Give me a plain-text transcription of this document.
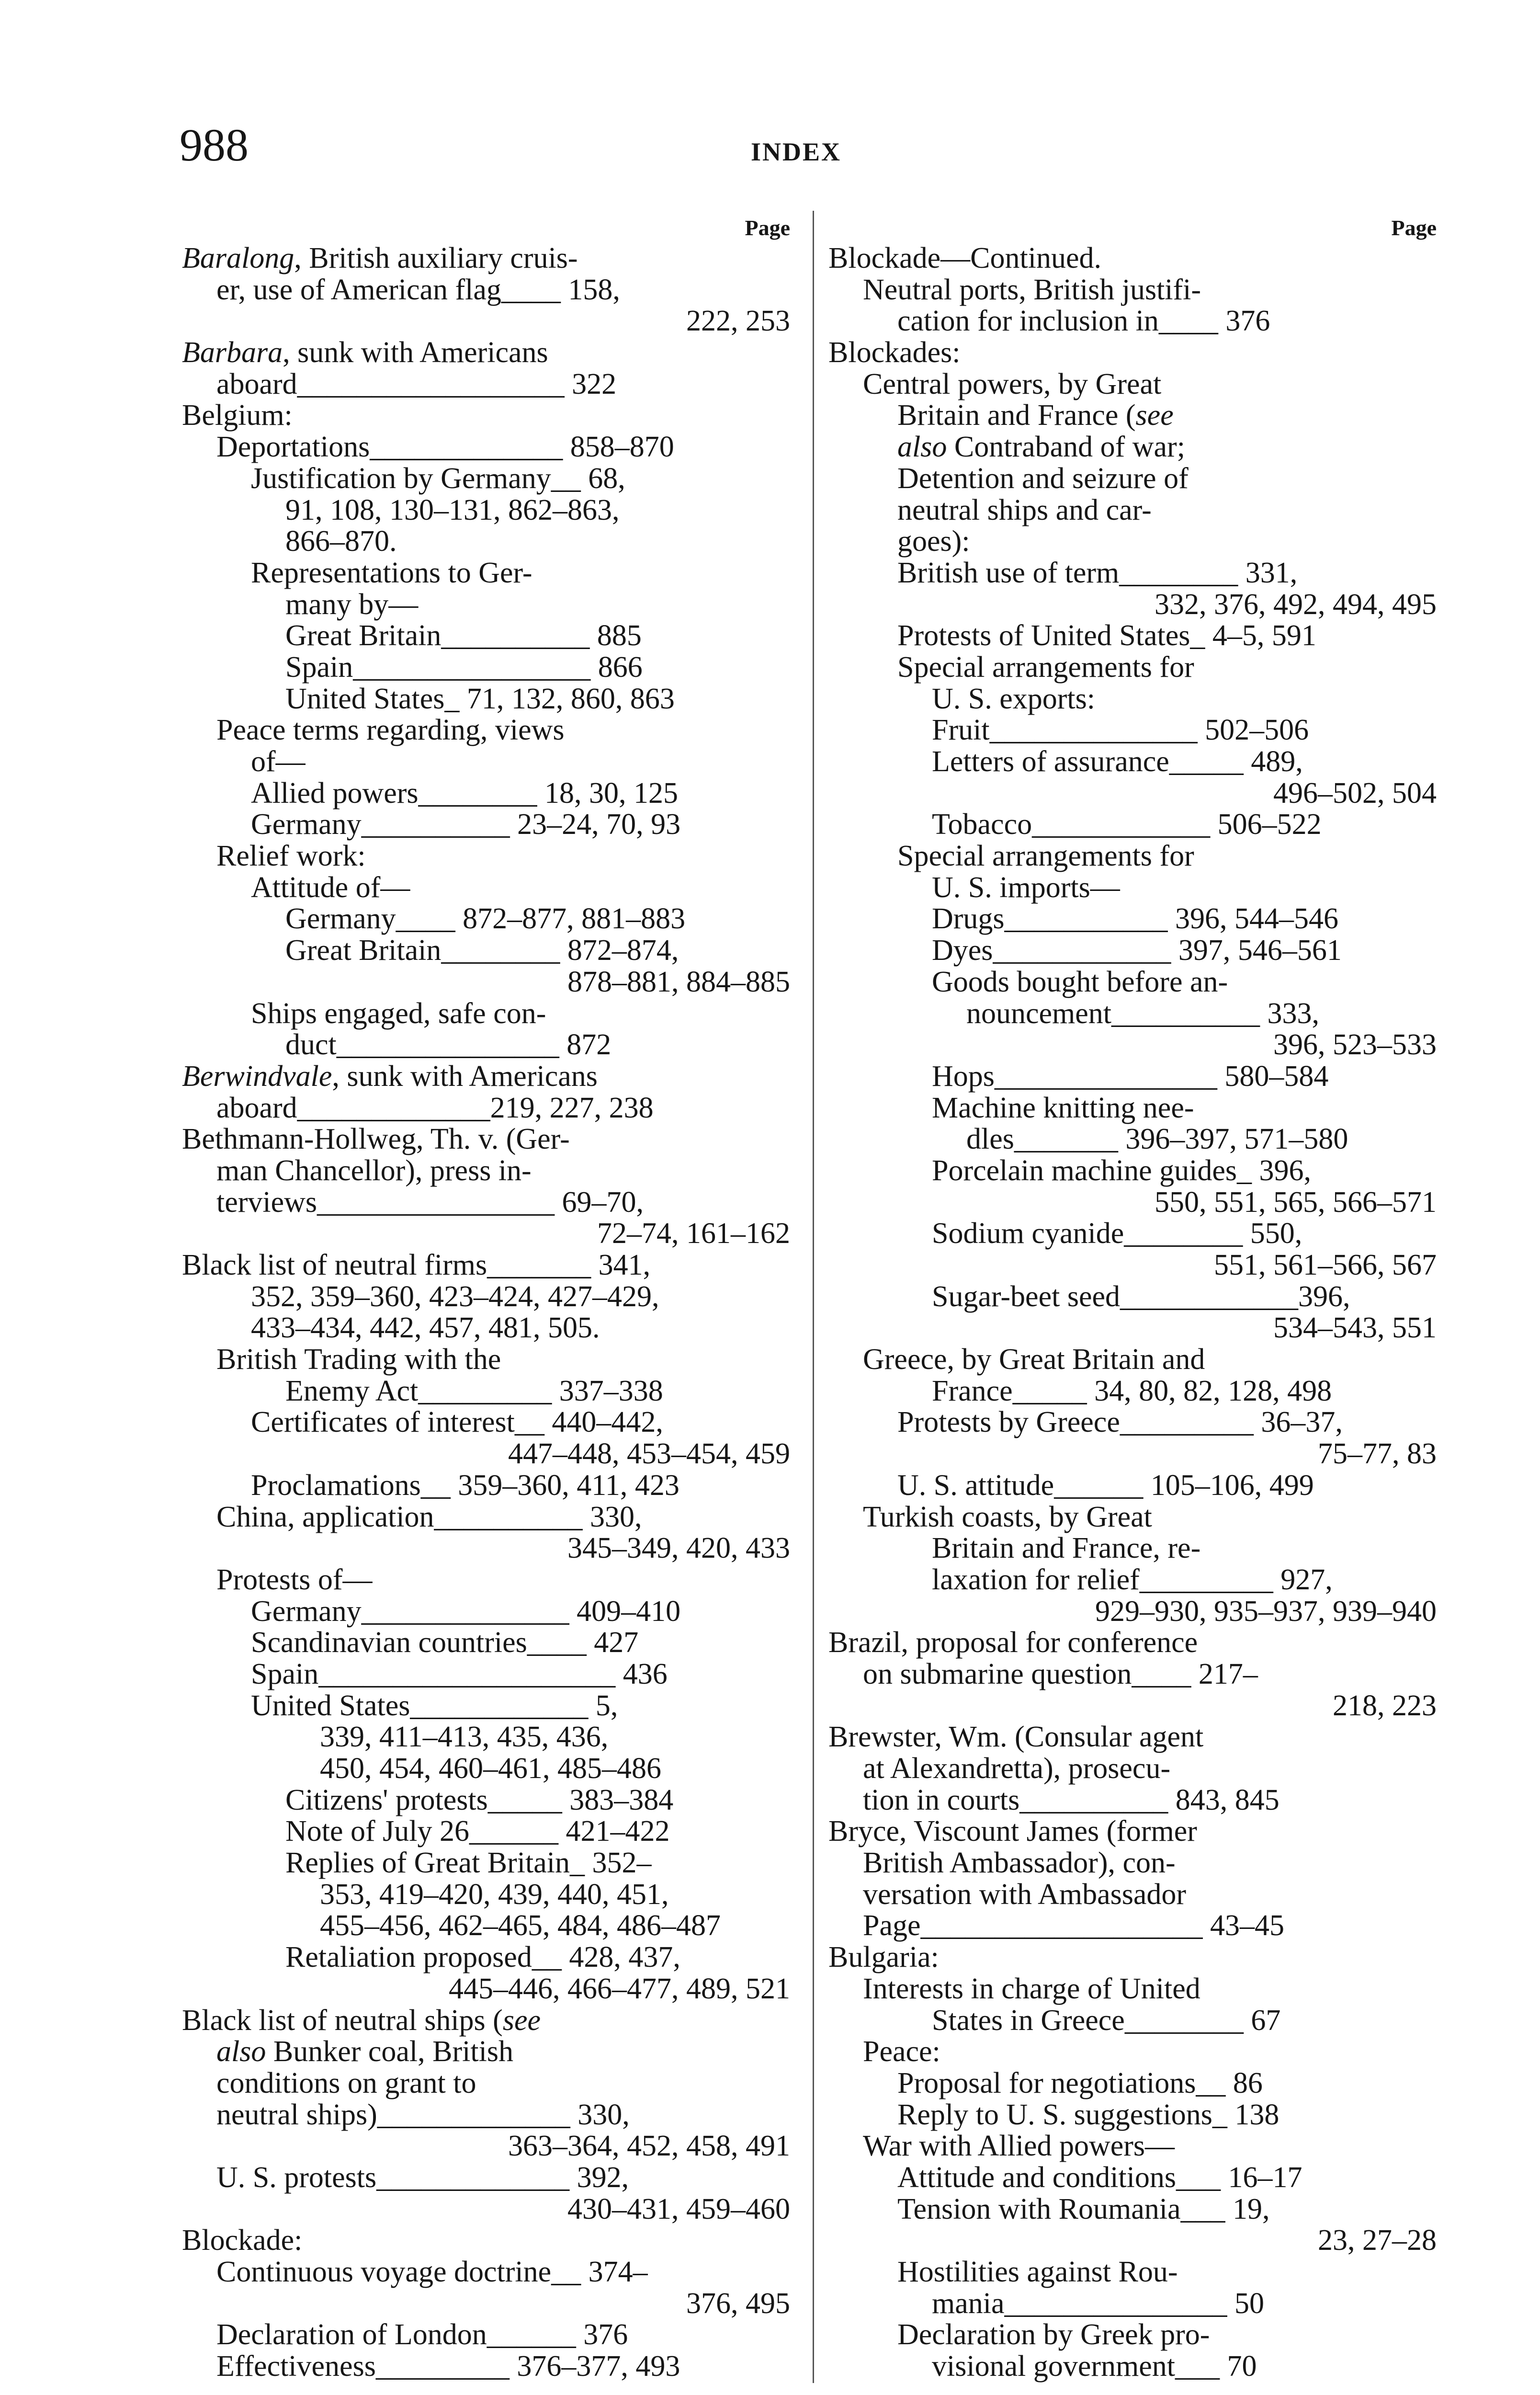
988	INDEX
Page
Baralong, British auxiliary cruis-
er, use of American flag____ 158,
222, 253
Barbara, sunk with Americans
aboard__________________ 322
Belgium:
Deportations_____________ 858–870
Justification by Germany__ 68,
91, 108, 130–131, 862–863,
866–870.
Representations to Ger-
many by—
Great Britain__________ 885
Spain________________ 866
United States_ 71, 132, 860, 863
Peace terms regarding, views
of—
Allied powers________ 18, 30, 125
Germany__________ 23–24, 70, 93
Relief work:
Attitude of—
Germany____ 872–877, 881–883
Great Britain________ 872–874,
878–881, 884–885
Ships engaged, safe con-
duct_______________ 872
Berwindvale, sunk with Americans
aboard_____________219, 227, 238
Bethmann-Hollweg, Th. v. (Ger-
man Chancellor), press in-
terviews________________ 69–70,
72–74, 161–162
Black list of neutral firms_______ 341,
352, 359–360, 423–424, 427–429,
433–434, 442, 457, 481, 505.
British Trading with the
Enemy Act_________ 337–338
Certificates of interest__ 440–442,
447–448, 453–454, 459
Proclamations__ 359–360, 411, 423
China, application__________ 330,
345–349, 420, 433
Protests of—
Germany______________ 409–410
Scandinavian countries____ 427
Spain____________________ 436
United States____________ 5,
339, 411–413, 435, 436,
450, 454, 460–461, 485–486
Citizens' protests_____ 383–384
Note of July 26______ 421–422
Replies of Great Britain_ 352–
353, 419–420, 439, 440, 451,
455–456, 462–465, 484, 486–487
Retaliation proposed__ 428, 437,
445–446, 466–477, 489, 521
Black list of neutral ships (see
also Bunker coal, British
conditions on grant to
neutral ships)_____________ 330,
363–364, 452, 458, 491
U. S. protests_____________ 392,
430–431, 459–460
Blockade:
Continuous voyage doctrine__ 374–
376, 495
Declaration of London______ 376
Effectiveness_________ 376–377, 493
Page
Blockade—Continued.
Neutral ports, British justifi-
cation for inclusion in____ 376
Blockades:
Central powers, by Great
Britain and France (see
also Contraband of war;
Detention and seizure of
neutral ships and car-
goes):
British use of term________ 331,
332, 376, 492, 494, 495
Protests of United States_ 4–5, 591
Special arrangements for
U. S. exports:
Fruit______________ 502–506
Letters of assurance_____ 489,
496–502, 504
Tobacco____________ 506–522
Special arrangements for
U. S. imports—
Drugs___________ 396, 544–546
Dyes____________ 397, 546–561
Goods bought before an-
nouncement__________ 333,
396, 523–533
Hops_______________ 580–584
Machine knitting nee-
dles_______ 396–397, 571–580
Porcelain machine guides_ 396,
550, 551, 565, 566–571
Sodium cyanide________ 550,
551, 561–566, 567
Sugar-beet seed____________396,
534–543, 551
Greece, by Great Britain and
France_____ 34, 80, 82, 128, 498
Protests by Greece_________ 36–37,
75–77, 83
U. S. attitude______ 105–106, 499
Turkish coasts, by Great
Britain and France, re-
laxation for relief_________ 927,
929–930, 935–937, 939–940
Brazil, proposal for conference
on submarine question____ 217–
218, 223
Brewster, Wm. (Consular agent
at Alexandretta), prosecu-
tion in courts__________ 843, 845
Bryce, Viscount James (former
British Ambassador), con-
versation with Ambassador
Page___________________ 43–45
Bulgaria:
Interests in charge of United
States in Greece________ 67
Peace:
Proposal for negotiations__ 86
Reply to U. S. suggestions_ 138
War with Allied powers—
Attitude and conditions___ 16–17
Tension with Roumania___ 19,
23, 27–28
Hostilities against Rou-
mania_______________ 50
Declaration by Greek pro-
visional government___ 70
